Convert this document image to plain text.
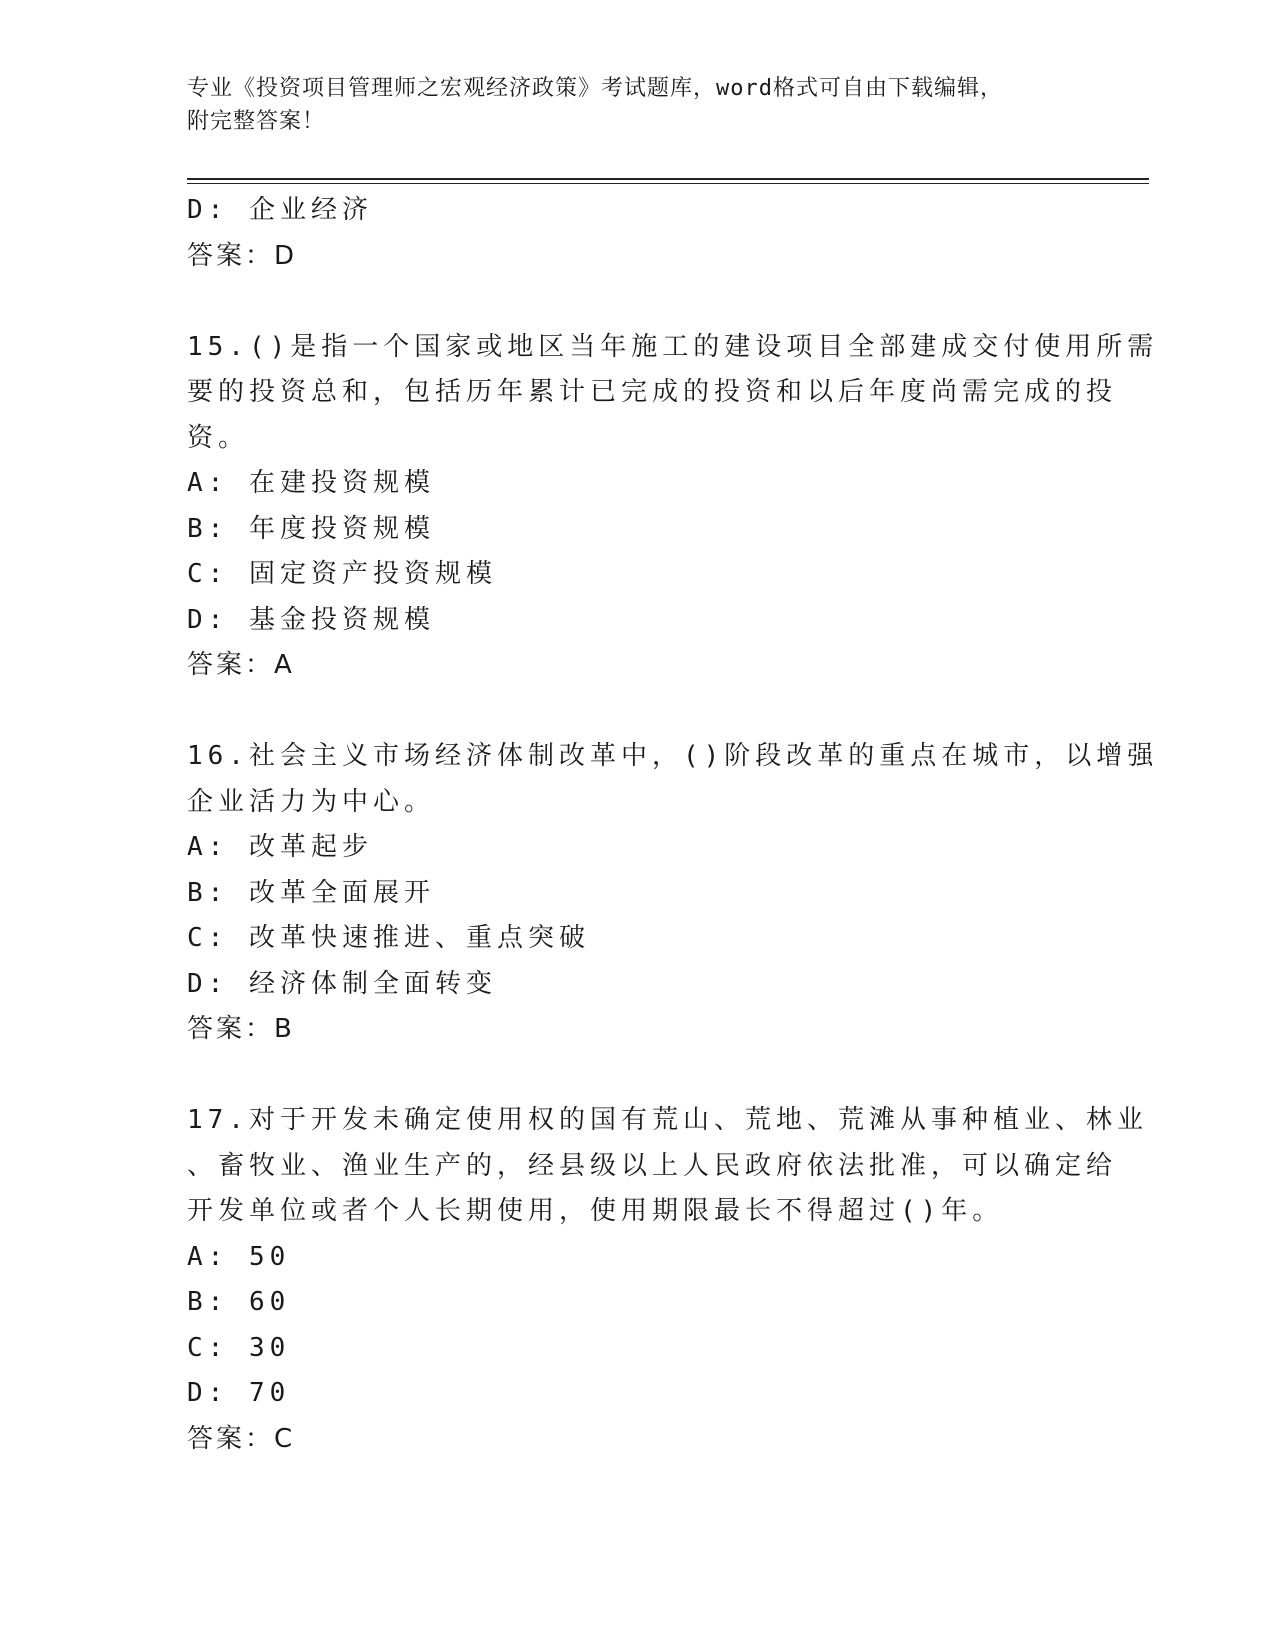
专业《投资项目管理师之宏观经济政策》考试题库，word格式可自由下载编辑，
附完整答案！
D: 企业经济
答案：D
15.()是指一个国家或地区当年施工的建设项目全部建成交付使用所需
要的投资总和，包括历年累计已完成的投资和以后年度尚需完成的投
资。
A: 在建投资规模
B: 年度投资规模
C: 固定资产投资规模
D: 基金投资规模
答案：A
16.社会主义市场经济体制改革中，()阶段改革的重点在城市，以增强
企业活力为中心。
A: 改革起步
B: 改革全面展开
C: 改革快速推进、重点突破
D: 经济体制全面转变
答案：B
17.对于开发未确定使用权的国有荒山、荒地、荒滩从事种植业、林业
、畜牧业、渔业生产的，经县级以上人民政府依法批准，可以确定给
开发单位或者个人长期使用，使用期限最长不得超过()年。
A: 50
B: 60
C: 30
D: 70
答案：C
